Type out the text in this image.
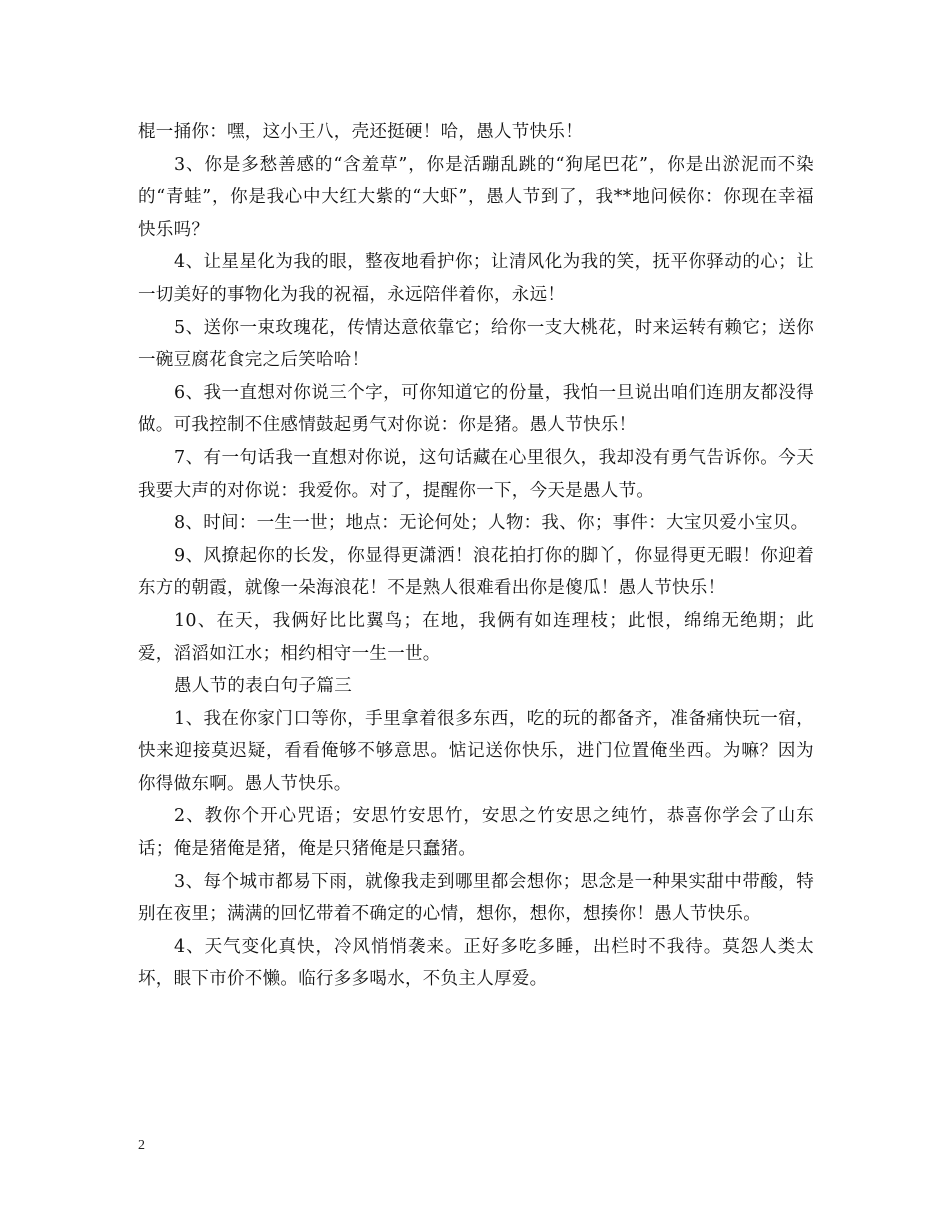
棍一捅你：嘿，这小王八，壳还挺硬！哈，愚人节快乐！

3、你是多愁善感的“含羞草”，你是活蹦乱跳的“狗尾巴花”，你是出淤泥而不染的“青蛙”，你是我心中大红大紫的“大虾”，愚人节到了，我**地问候你：你现在幸福快乐吗？

4、让星星化为我的眼，整夜地看护你；让清风化为我的笑，抚平你驿动的心；让一切美好的事物化为我的祝福，永远陪伴着你，永远！

5、送你一束玫瑰花，传情达意依靠它；给你一支大桃花，时来运转有赖它；送你一碗豆腐花食完之后笑哈哈！

6、我一直想对你说三个字，可你知道它的份量，我怕一旦说出咱们连朋友都没得做。可我控制不住感情鼓起勇气对你说：你是猪。愚人节快乐！

7、有一句话我一直想对你说，这句话藏在心里很久，我却没有勇气告诉你。今天我要大声的对你说：我爱你。对了，提醒你一下，今天是愚人节。

8、时间：一生一世；地点：无论何处；人物：我、你；事件：大宝贝爱小宝贝。

9、风撩起你的长发，你显得更潇洒！浪花拍打你的脚丫，你显得更无暇！你迎着东方的朝霞，就像一朵海浪花！不是熟人很难看出你是傻瓜！愚人节快乐！

10、在天，我俩好比比翼鸟；在地，我俩有如连理枝；此恨，绵绵无绝期；此爱，滔滔如江水；相约相守一生一世。

愚人节的表白句子篇三

1、我在你家门口等你，手里拿着很多东西，吃的玩的都备齐，准备痛快玩一宿，快来迎接莫迟疑，看看俺够不够意思。惦记送你快乐，进门位置俺坐西。为嘛？因为你得做东啊。愚人节快乐。

2、教你个开心咒语；安思竹安思竹，安思之竹安思之纯竹，恭喜你学会了山东话；俺是猪俺是猪，俺是只猪俺是只蠢猪。

3、每个城市都易下雨，就像我走到哪里都会想你；思念是一种果实甜中带酸，特别在夜里；满满的回忆带着不确定的心情，想你，想你，想揍你！愚人节快乐。

4、天气变化真快，冷风悄悄袭来。正好多吃多睡，出栏时不我待。莫怨人类太坏，眼下市价不懒。临行多多喝水，不负主人厚爱。

2
